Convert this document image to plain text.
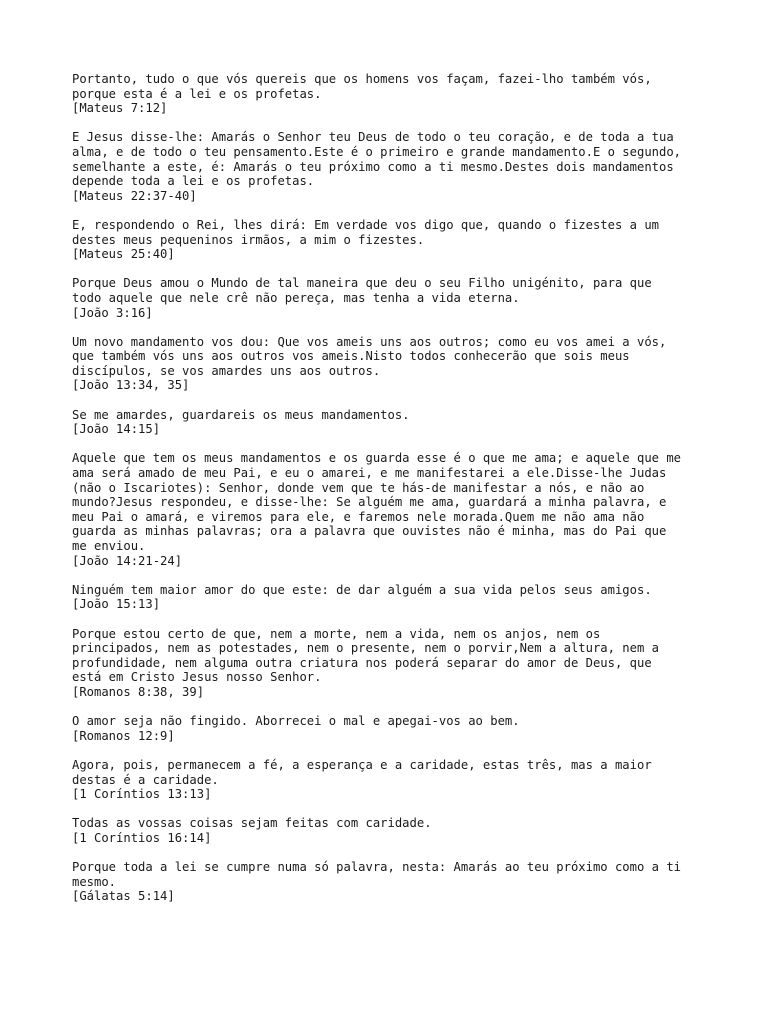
Portanto, tudo o que vós quereis que os homens vos façam, fazei-lho também vós,
porque esta é a lei e os profetas.

[Mateus 7:12]

E Jesus disse-lhe: Amarás o Senhor teu Deus de todo o teu coração, e de toda a tua
alma, e de todo o teu pensamento.Este é o primeiro e grande mandamento.E o segundo,
semelhante a este, é: Amarás o teu próximo como a ti mesmo.Destes dois mandamentos
depende toda a lei e os profetas.

[Mateus 22:37-40]

E, respondendo o Rei, lhes dirá: Em verdade vos digo que, quando o fizestes a um
destes meus pequeninos irmãos, a mim o fizestes.

[Mateus 25:40]

Porque Deus amou o Mundo de tal maneira que deu o seu Filho unigénito, para que
todo aquele que nele crê não pereça, mas tenha a vida eterna.

[João 3:16]

Um novo mandamento vos dou: Que vos ameis uns aos outros; como eu vos amei a vós,
que também vós uns aos outros vos ameis.Nisto todos conhecerão que sois meus
discípulos, se vos amardes uns aos outros.

[João 13:34, 35]

Se me amardes, guardareis os meus mandamentos.

[João 14:15]

Aquele que tem os meus mandamentos e os guarda esse é o que me ama; e aquele que me
ama será amado de meu Pai, e eu o amarei, e me manifestarei a ele.Disse-lhe Judas
(não o Iscariotes): Senhor, donde vem que te hás-de manifestar a nós, e não ao
mundo?Jesus respondeu, e disse-lhe: Se alguém me ama, guardará a minha palavra, e
meu Pai o amará, e viremos para ele, e faremos nele morada.Quem me não ama não
guarda as minhas palavras; ora a palavra que ouvistes não é minha, mas do Pai que
me enviou.

[João 14:21-24]

Ninguém tem maior amor do que este: de dar alguém a sua vida pelos seus amigos.

[João 15:13]

Porque estou certo de que, nem a morte, nem a vida, nem os anjos, nem os
principados, nem as potestades, nem o presente, nem o porvir,Nem a altura, nem a
profundidade, nem alguma outra criatura nos poderá separar do amor de Deus, que
está em Cristo Jesus nosso Senhor.

[Romanos 8:38, 39]

O amor seja não fingido. Aborrecei o mal e apegai-vos ao bem.

[Romanos 12:9]

Agora, pois, permanecem a fé, a esperança e a caridade, estas três, mas a maior
destas é a caridade.

[1 Coríntios 13:13]

Todas as vossas coisas sejam feitas com caridade.

[1 Coríntios 16:14]

Porque toda a lei se cumpre numa só palavra, nesta: Amarás ao teu próximo como a ti
mesmo.

[Gálatas 5:14]
